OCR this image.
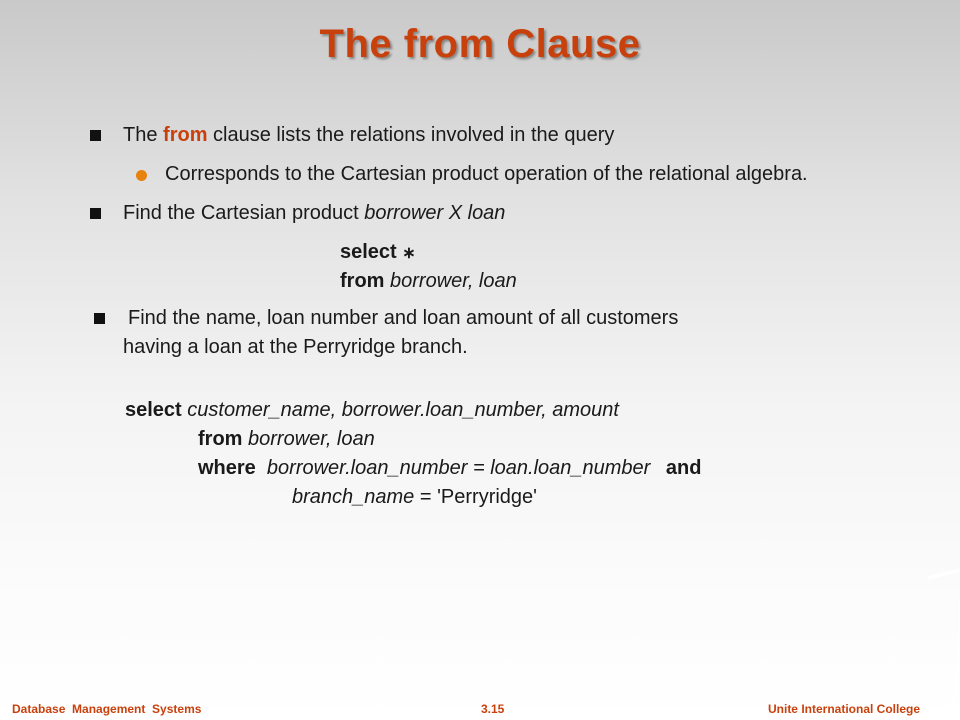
The from Clause
The from clause lists the relations involved in the query
Corresponds to the Cartesian product operation of the relational algebra.
Find the Cartesian product borrower X loan
select ∗
from borrower, loan
Find the name, loan number and loan amount of all customers
having a loan at the Perryridge branch.
select customer_name, borrower.loan_number, amount
from borrower, loan
where  borrower.loan_number = loan.loan_number and
branch_name = 'Perryridge'
Database  Management  Systems	3.15	Unite International College
